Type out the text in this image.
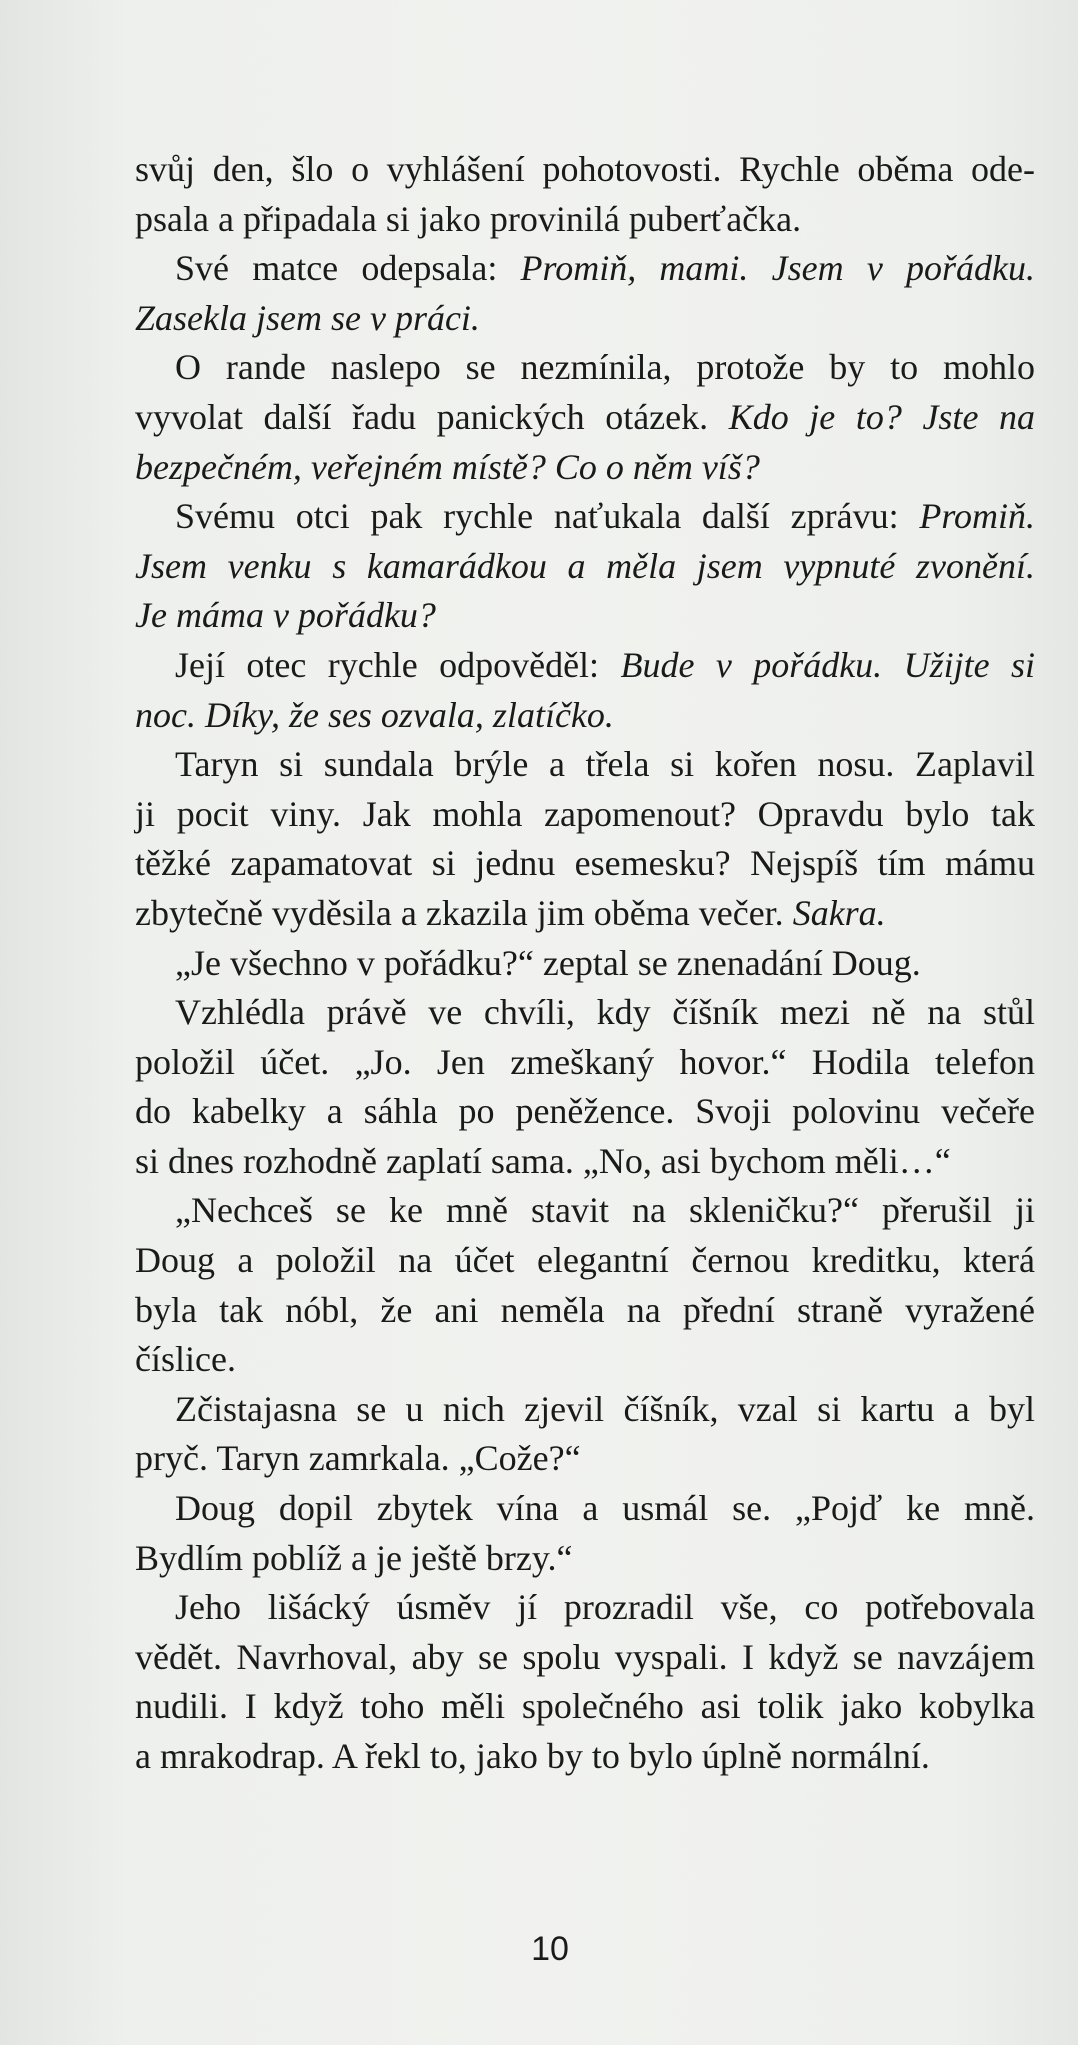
svůj den, šlo o vyhlášení pohotovosti. Rychle oběma ode-
psala a připadala si jako provinilá puberťačka.
Své matce odepsala: Promiň, mami. Jsem v pořádku.
Zasekla jsem se v práci.
O rande naslepo se nezmínila, protože by to mohlo
vyvolat další řadu panických otázek. Kdo je to? Jste na
bezpečném, veřejném místě? Co o něm víš?
Svému otci pak rychle naťukala další zprávu: Promiň.
Jsem venku s kamarádkou a měla jsem vypnuté zvonění.
Je máma v pořádku?
Její otec rychle odpověděl: Bude v pořádku. Užijte si
noc. Díky, že ses ozvala, zlatíčko.
Taryn si sundala brýle a třela si kořen nosu. Zaplavil
ji pocit viny. Jak mohla zapomenout? Opravdu bylo tak
těžké zapamatovat si jednu esemesku? Nejspíš tím mámu
zbytečně vyděsila a zkazila jim oběma večer. Sakra.
„Je všechno v pořádku?“ zeptal se znenadání Doug.
Vzhlédla právě ve chvíli, kdy číšník mezi ně na stůl
položil účet. „Jo. Jen zmeškaný hovor.“ Hodila telefon
do kabelky a sáhla po peněžence. Svoji polovinu večeře
si dnes rozhodně zaplatí sama. „No, asi bychom měli…“
„Nechceš se ke mně stavit na skleničku?“ přerušil ji
Doug a položil na účet elegantní černou kreditku, která
byla tak nóbl, že ani neměla na přední straně vyražené
číslice.
Zčistajasna se u nich zjevil číšník, vzal si kartu a byl
pryč. Taryn zamrkala. „Cože?“
Doug dopil zbytek vína a usmál se. „Pojď ke mně.
Bydlím poblíž a je ještě brzy.“
Jeho lišácký úsměv jí prozradil vše, co potřebovala
vědět. Navrhoval, aby se spolu vyspali. I když se navzájem
nudili. I když toho měli společného asi tolik jako kobylka
a mrakodrap. A řekl to, jako by to bylo úplně normální.
10
